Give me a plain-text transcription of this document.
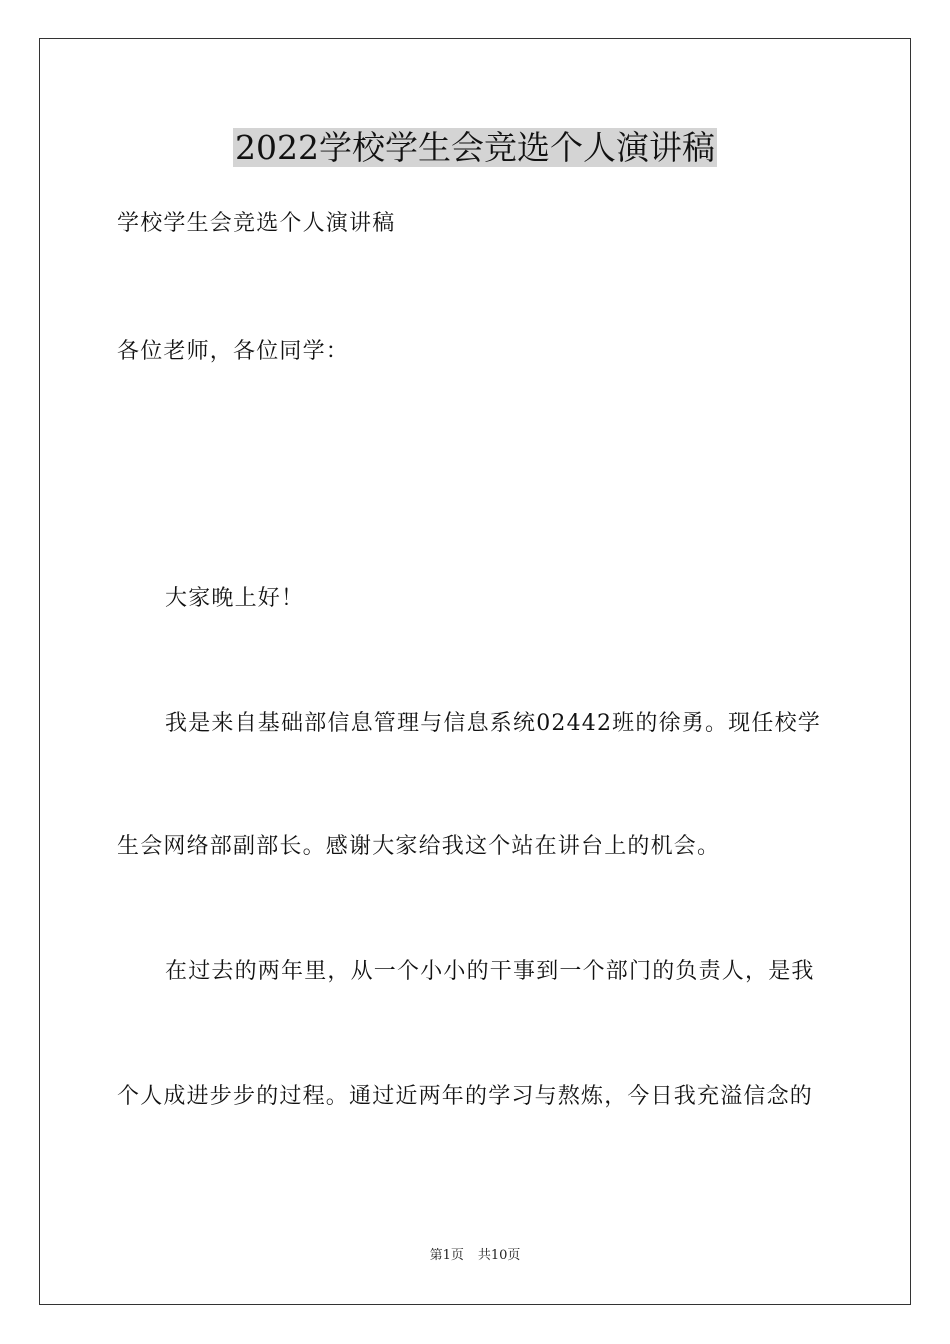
2022学校学生会竞选个人演讲稿

学校学生会竞选个人演讲稿

各位老师，各位同学：

大家晚上好！

我是来自基础部信息管理与信息系统02442班的徐勇。现任校学

生会网络部副部长。感谢大家给我这个站在讲台上的机会。

在过去的两年里，从一个小小的干事到一个部门的负责人，是我

个人成进步步的过程。通过近两年的学习与熬炼，今日我充溢信念的

第1页 共10页
